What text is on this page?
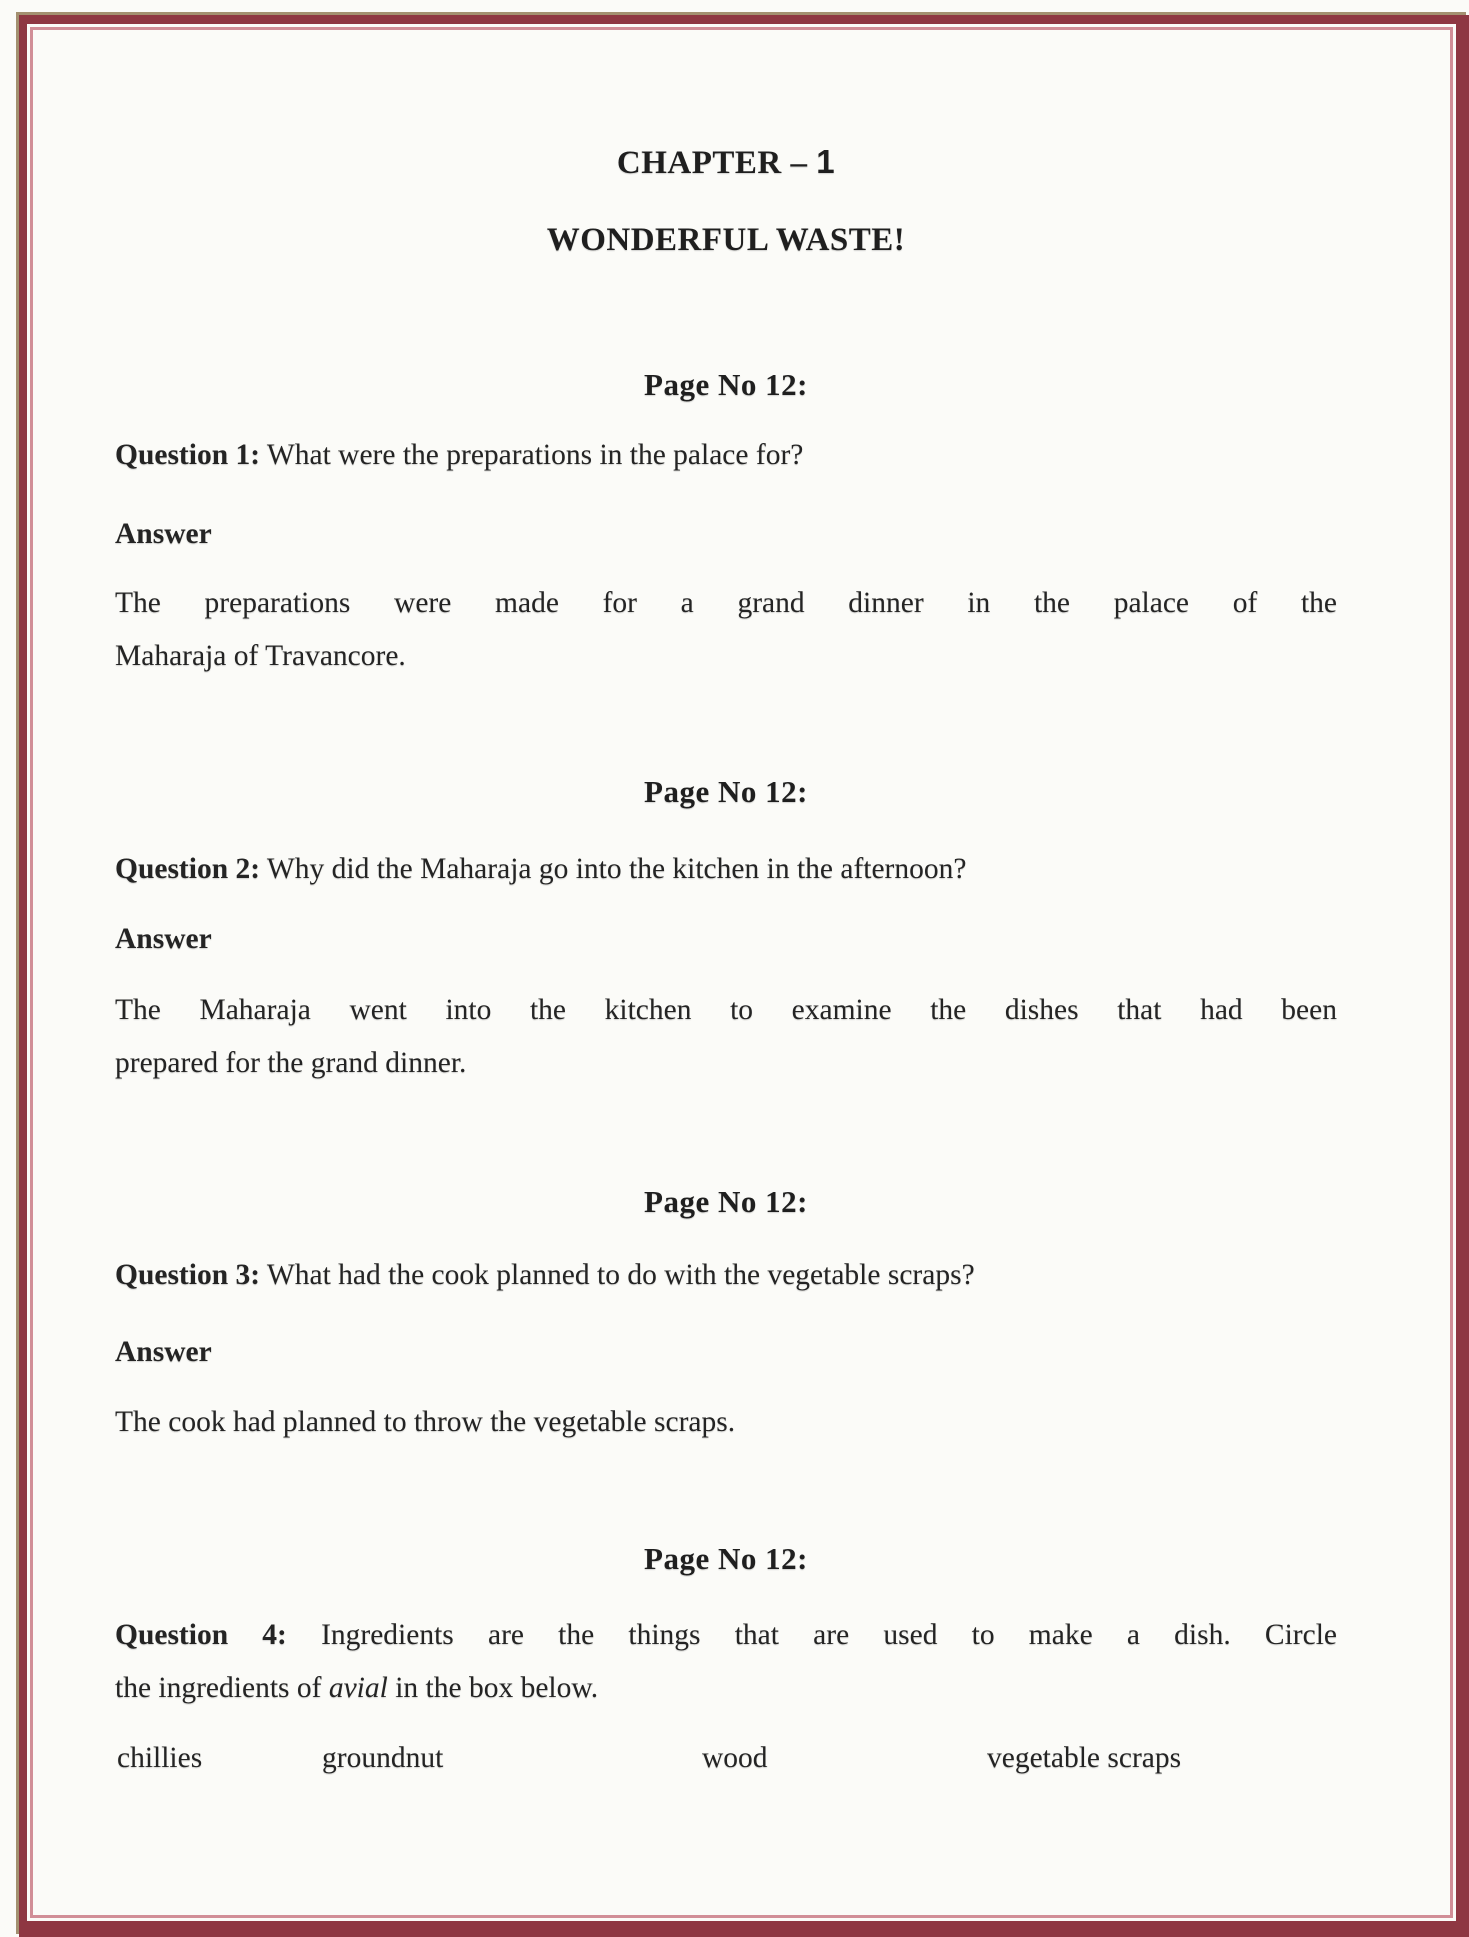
CHAPTER – 1
WONDERFUL WASTE!
Page No 12:
Question 1: What were the preparations in the palace for?
Answer
The preparations were made for a grand dinner in the palace of the
Maharaja of Travancore.
Page No 12:
Question 2: Why did the Maharaja go into the kitchen in the afternoon?
Answer
The Maharaja went into the kitchen to examine the dishes that had been
prepared for the grand dinner.
Page No 12:
Question 3: What had the cook planned to do with the vegetable scraps?
Answer
The cook had planned to throw the vegetable scraps.
Page No 12:
Question 4: Ingredients are the things that are used to make a dish. Circle
the ingredients of avial in the box below.
chillies	groundnut	wood	vegetable scraps
